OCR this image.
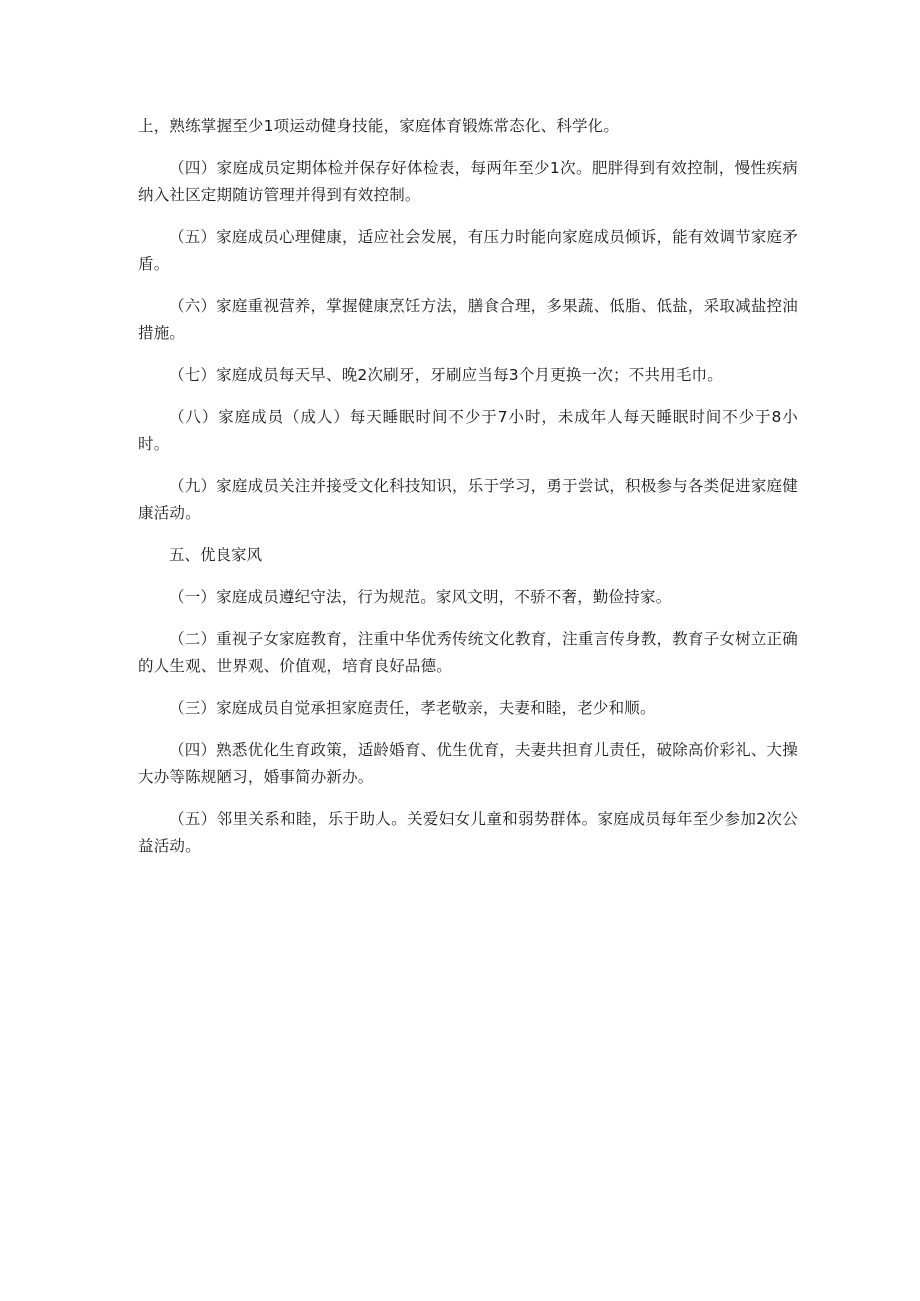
上，熟练掌握至少1项运动健身技能，家庭体育锻炼常态化、科学化。

（四）家庭成员定期体检并保存好体检表，每两年至少1次。肥胖得到有效控制，慢性疾病纳入社区定期随访管理并得到有效控制。

（五）家庭成员心理健康，适应社会发展，有压力时能向家庭成员倾诉，能有效调节家庭矛盾。

（六）家庭重视营养，掌握健康烹饪方法，膳食合理，多果蔬、低脂、低盐，采取减盐控油措施。

（七）家庭成员每天早、晚2次刷牙，牙刷应当每3个月更换一次；不共用毛巾。

（八）家庭成员（成人）每天睡眠时间不少于7小时，未成年人每天睡眠时间不少于8小时。

（九）家庭成员关注并接受文化科技知识，乐于学习，勇于尝试，积极参与各类促进家庭健康活动。

五、优良家风

（一）家庭成员遵纪守法，行为规范。家风文明，不骄不奢，勤俭持家。

（二）重视子女家庭教育，注重中华优秀传统文化教育，注重言传身教，教育子女树立正确的人生观、世界观、价值观，培育良好品德。

（三）家庭成员自觉承担家庭责任，孝老敬亲，夫妻和睦，老少和顺。

（四）熟悉优化生育政策，适龄婚育、优生优育，夫妻共担育儿责任，破除高价彩礼、大操大办等陈规陋习，婚事简办新办。

（五）邻里关系和睦，乐于助人。关爱妇女儿童和弱势群体。家庭成员每年至少参加2次公益活动。
